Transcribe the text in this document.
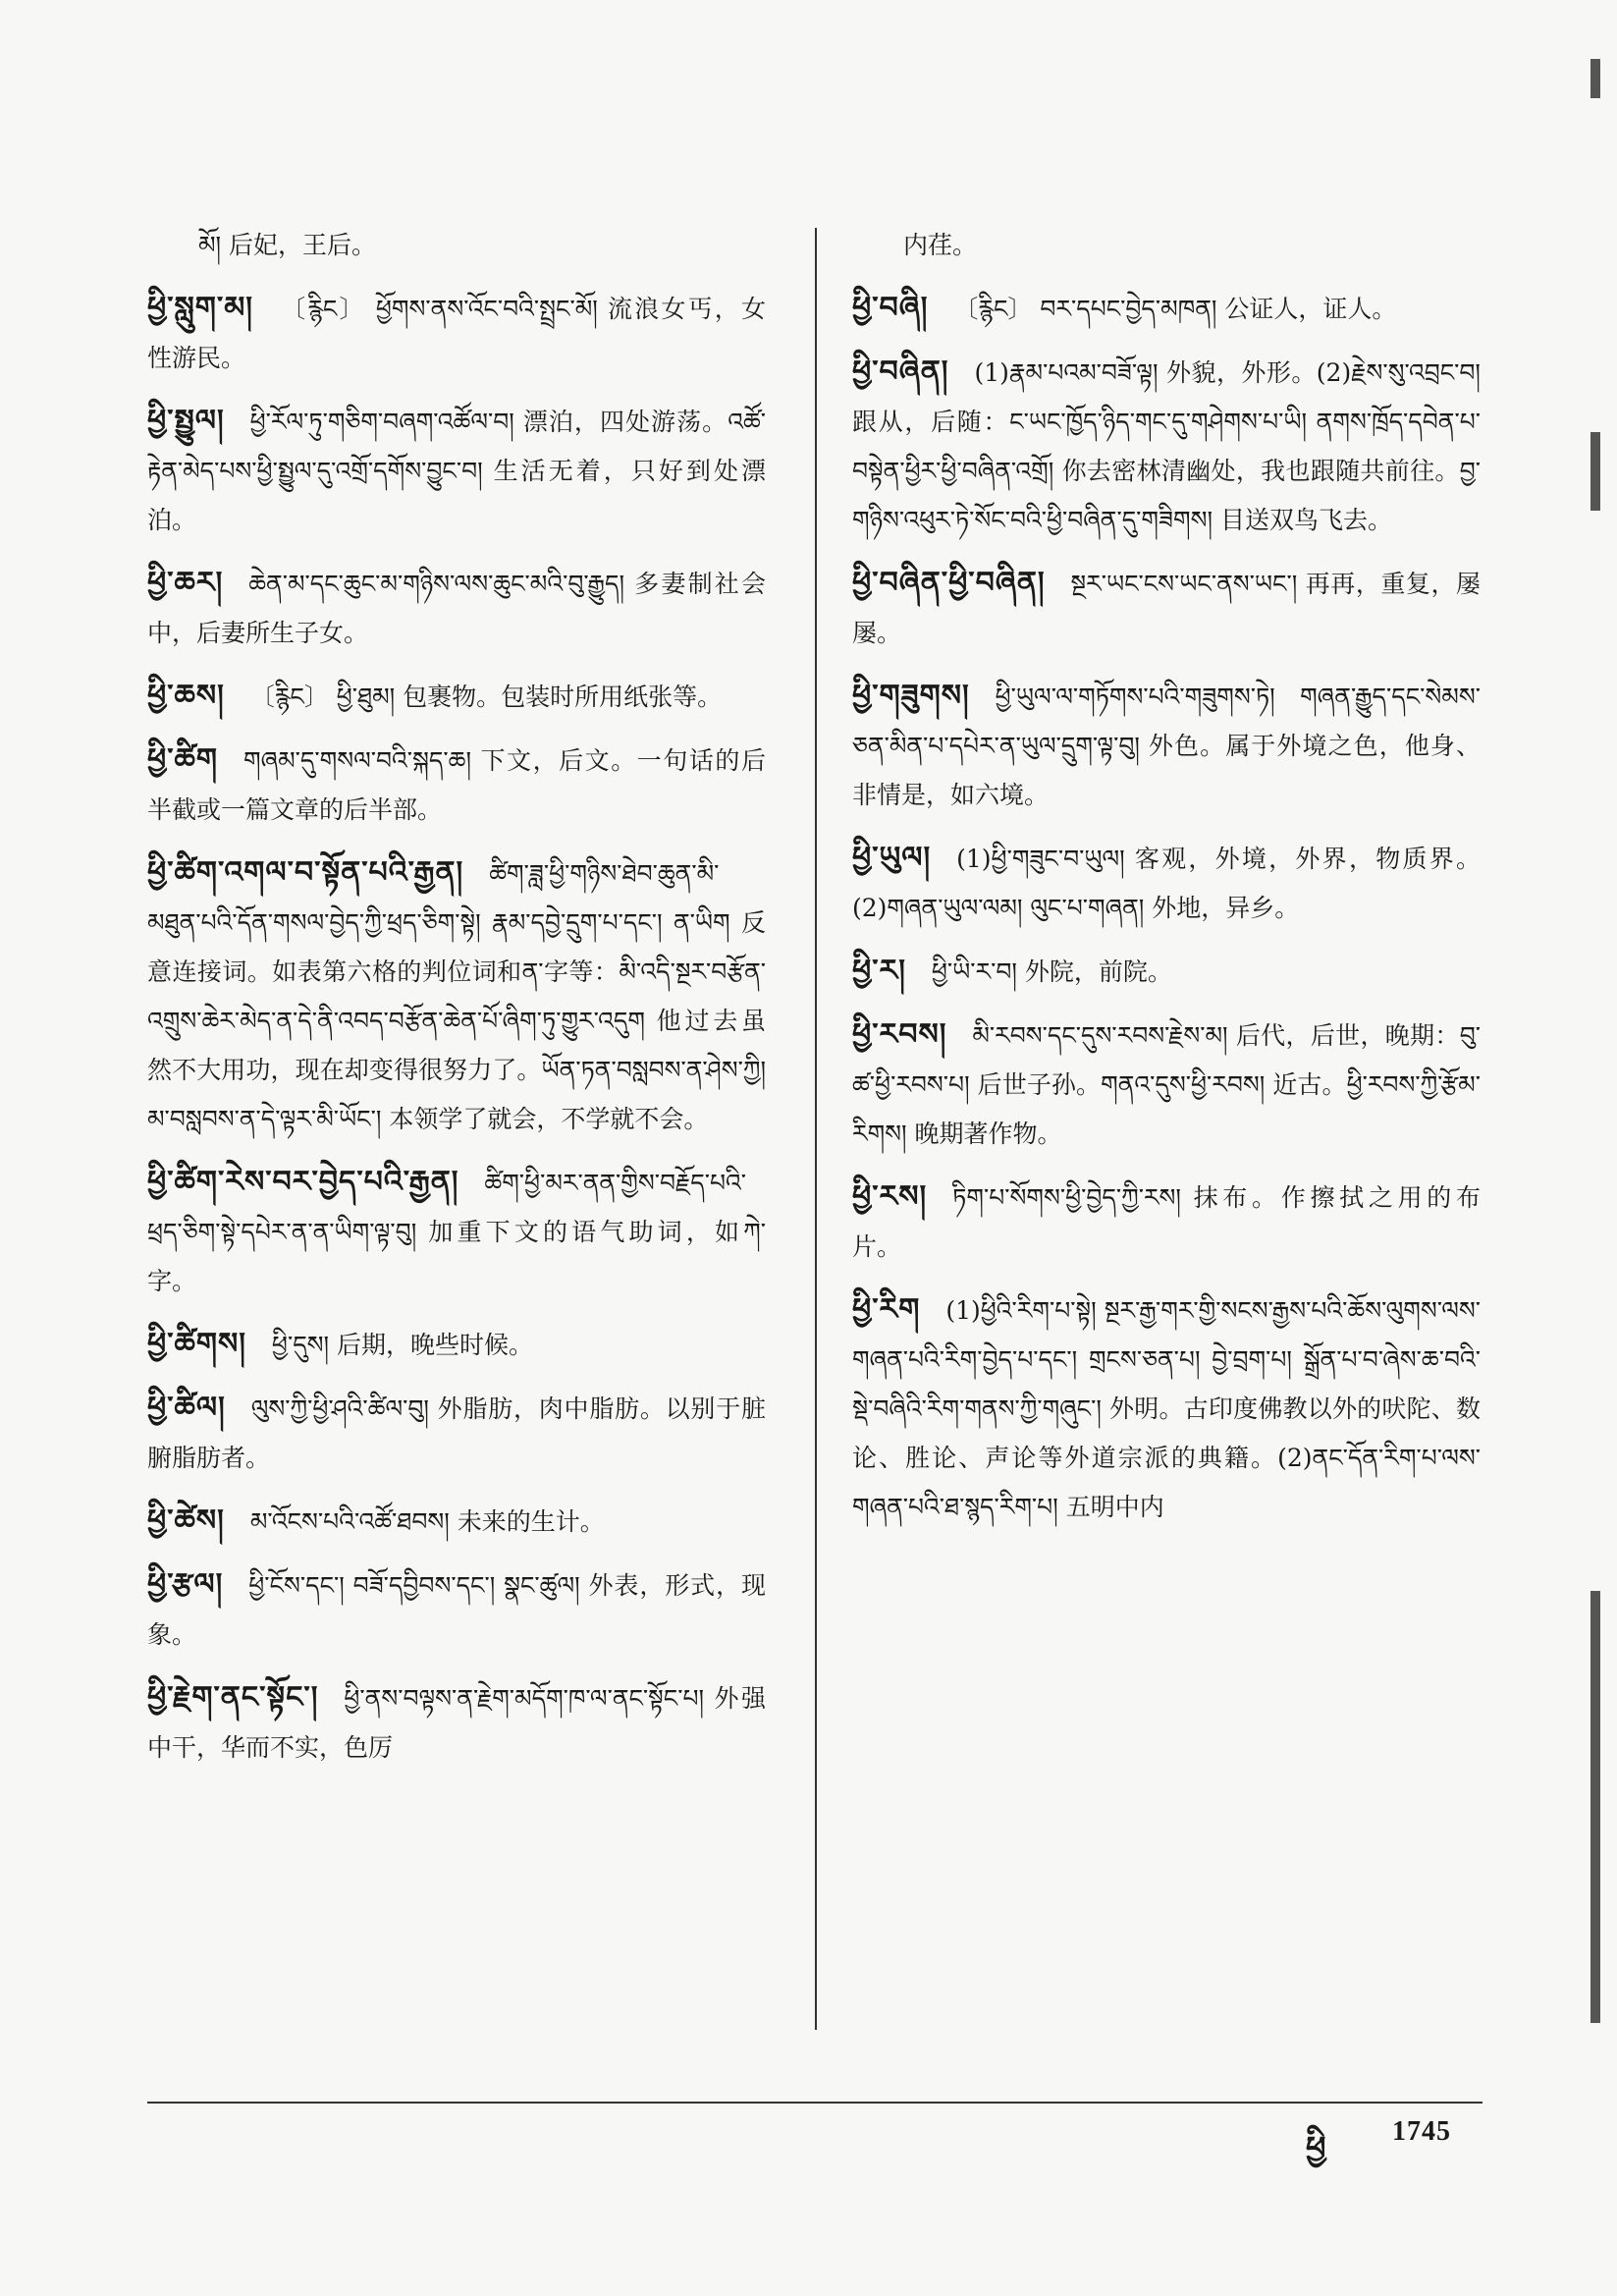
མོ། 后妃，王后。
ཕྱི་སླུག་མ། 〔རྙིང〕 ཕྱོགས་ནས་འོང་བའི་སྤྲང་མོ། 流浪女丐，女性游民。
ཕྱི་སྤྱུལ། ཕྱི་རོལ་ཏུ་གཅིག་བཞག་འཚོལ་བ། 漂泊，四处游荡。འཚོ་རྟེན་མེད་པས་ཕྱི་སྤྱུལ་དུ་འགྲོ་དགོས་བྱུང་བ། 生活无着，只好到处漂泊。
ཕྱི་ཆར། ཆེན་མ་དང་ཆུང་མ་གཉིས་ལས་ཆུང་མའི་བུ་རྒྱུད། 多妻制社会中，后妻所生子女。
ཕྱི་ཆས། 〔རྙིང〕 ཕྱི་ཐུམ། 包裹物。包装时所用纸张等。
ཕྱི་ཚིག གཞམ་དུ་གསལ་བའི་སྐད་ཆ། 下文，后文。一句话的后半截或一篇文章的后半部。
ཕྱི་ཚིག་འགལ་བ་སྟོན་པའི་རྒྱན། ཚིག་ཟླ་ཕྱི་གཉིས་ཐེབ་ཆུན་མི་མཐུན་པའི་དོན་གསལ་བྱེད་ཀྱི་ཕྲད་ཅིག་སྟེ། རྣམ་དབྱེ་དྲུག་པ་དང་། ན་ཡིག 反意连接词。如表第六格的判位词和ན་字等：མི་འདི་སྔར་བརྩོན་འགྲུས་ཆེར་མེད་ན་དེ་ནི་འབད་བརྩོན་ཆེན་པོ་ཞིག་ཏུ་གྱུར་འདུག 他过去虽然不大用功，现在却变得很努力了。ཡོན་ཏན་བསླབས་ན་ཤེས་ཀྱི། མ་བསླབས་ན་དེ་ལྟར་མི་ཡོང་། 本领学了就会，不学就不会。
ཕྱི་ཚིག་རེས་བར་བྱེད་པའི་རྒྱན། ཚིག་ཕྱི་མར་ནན་གྱིས་བརྗོད་པའི་ཕྲད་ཅིག་སྟེ་དཔེར་ན་ན་ཡིག་ལྟ་བུ། 加重下文的语气助词，如ཀེ་字。
ཕྱི་ཚིགས། ཕྱི་དུས། 后期，晚些时候。
ཕྱི་ཚིལ། ལུས་ཀྱི་ཕྱི་ཤའི་ཚིལ་བུ། 外脂肪，肉中脂肪。以别于脏腑脂肪者。
ཕྱི་ཚེས། མ་འོངས་པའི་འཚོ་ཐབས། 未来的生计。
ཕྱི་རྩལ། ཕྱི་ངོས་དང་། བཟོ་དབྱིབས་དང་། སྣང་ཚུལ། 外表，形式，现象。
ཕྱི་རྗེག་ནང་སྟོང་། ཕྱི་ནས་བལྟས་ན་རྗེག་མདོག་ཁ་ལ་ནང་སྟོང་པ། 外强中干，华而不实，色厉
内荏。
ཕྱི་བཞི། 〔རྙིང〕 བར་དཔང་བྱེད་མཁན། 公证人，证人。
ཕྱི་བཞིན། (1)རྣམ་པའམ་བཟོ་ལྟ། 外貌，外形。(2)རྗེས་སུ་འབྲང་བ། 跟从，后随：ང་ཡང་ཁྱོད་ཉིད་གང་དུ་གཤེགས་པ་ཡི། ནགས་ཁྲོད་དབེན་པ་བསྟེན་ཕྱིར་ཕྱི་བཞིན་འགྲོ། 你去密林清幽处，我也跟随共前往。བྱ་གཉིས་འཕུར་ཏེ་སོང་བའི་ཕྱི་བཞིན་དུ་གཟིགས། 目送双鸟飞去。
ཕྱི་བཞིན་ཕྱི་བཞིན། སྔར་ཡང་ངས་ཡང་ནས་ཡང་། 再再，重复，屡屡。
ཕྱི་གཟུགས། ཕྱི་ཡུལ་ལ་གཏོགས་པའི་གཟུགས་ཏེ། གཞན་རྒྱུད་དང་སེམས་ཅན་མིན་པ་དཔེར་ན་ཡུལ་དྲུག་ལྟ་བུ། 外色。属于外境之色，他身、非情是，如六境。
ཕྱི་ཡུལ། (1)ཕྱི་གཟུང་བ་ཡུལ། 客观，外境，外界，物质界。(2)གཞན་ཡུལ་ལམ། ལུང་པ་གཞན། 外地，异乡。
ཕྱི་ར། ཕྱི་ཡི་ར་བ། 外院，前院。
ཕྱི་རབས། མི་རབས་དང་དུས་རབས་རྗེས་མ། 后代，后世，晚期：བུ་ཚ་ཕྱི་རབས་པ། 后世子孙。གནའ་དུས་ཕྱི་རབས། 近古。ཕྱི་རབས་ཀྱི་རྩོམ་རིགས། 晚期著作物。
ཕྱི་རས། ཏིག་པ་སོགས་ཕྱི་བྱེད་ཀྱི་རས། 抹布。作擦拭之用的布片。
ཕྱི་རིག (1)ཕྱིའི་རིག་པ་སྟེ། སྔར་རྒྱ་གར་གྱི་སངས་རྒྱས་པའི་ཆོས་ལུགས་ལས་གཞན་པའི་རིག་བྱེད་པ་དང་། གྲངས་ཅན་པ། བྱེ་བྲག་པ། སྒྲོན་པ་བ་ཞེས་ཆ་བའི་སྡེ་བཞིའི་རིག་གནས་ཀྱི་གཞུང་། 外明。古印度佛教以外的吠陀、数论、胜论、声论等外道宗派的典籍。(2)ནང་དོན་རིག་པ་ལས་གཞན་པའི་ཐ་སྙད་རིག་པ། 五明中内
ཕྱི 1745
